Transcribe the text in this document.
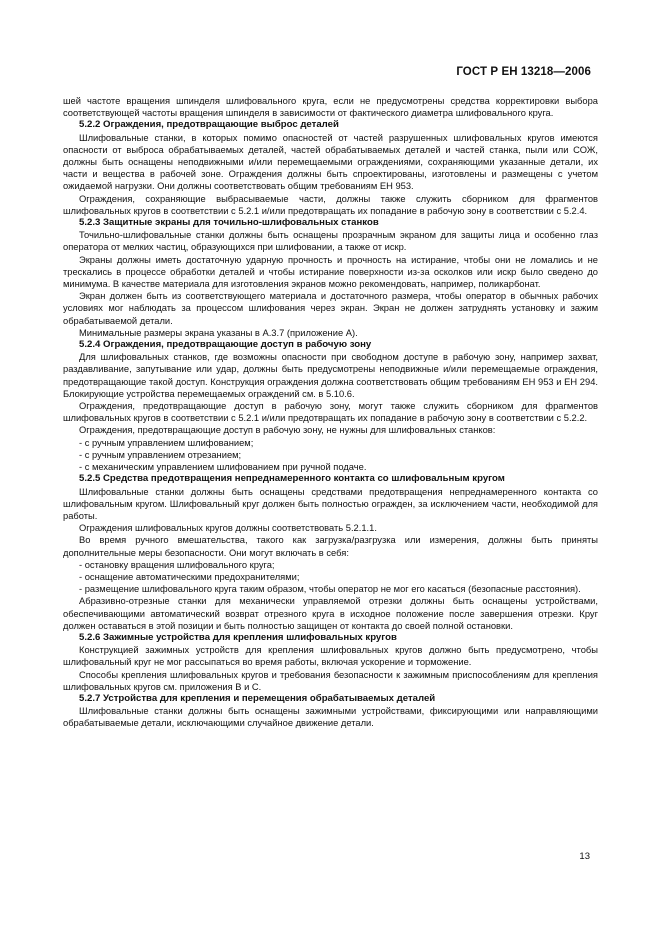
ГОСТ Р ЕН 13218—2006

шей частоте вращения шпинделя шлифовального круга, если не предусмотрены средства корректировки выбора соответствующей частоты вращения шпинделя в зависимости от фактического диаметра шлифовального круга.

5.2.2 Ограждения, предотвращающие выброс деталей

Шлифовальные станки, в которых помимо опасностей от частей разрушенных шлифовальных кругов имеются опасности от выброса обрабатываемых деталей, частей обрабатываемых деталей и частей станка, пыли или СОЖ, должны быть оснащены неподвижными и/или перемещаемыми ограждениями, сохраняющими указанные детали, их части и вещества в рабочей зоне. Ограждения должны быть спроектированы, изготовлены и размещены с учетом ожидаемой нагрузки. Они должны соответствовать общим требованиям ЕН 953.

Ограждения, сохраняющие выбрасываемые части, должны также служить сборником для фрагментов шлифовальных кругов в соответствии с 5.2.1 и/или предотвращать их попадание в рабочую зону в соответствии с 5.2.4.

5.2.3 Защитные экраны для точильно-шлифовальных станков

Точильно-шлифовальные станки должны быть оснащены прозрачным экраном для защиты лица и особенно глаз оператора от мелких частиц, образующихся при шлифовании, а также от искр.

Экраны должны иметь достаточную ударную прочность и прочность на истирание, чтобы они не ломались и не трескались в процессе обработки деталей и чтобы истирание поверхности из-за осколков или искр было сведено до минимума. В качестве материала для изготовления экранов можно рекомендовать, например, поликарбонат.

Экран должен быть из соответствующего материала и достаточного размера, чтобы оператор в обычных рабочих условиях мог наблюдать за процессом шлифования через экран. Экран не должен затруднять установку и зажим обрабатываемой детали.

Минимальные размеры экрана указаны в А.3.7 (приложение А).

5.2.4 Ограждения, предотвращающие доступ в рабочую зону

Для шлифовальных станков, где возможны опасности при свободном доступе в рабочую зону, например захват, раздавливание, запутывание или удар, должны быть предусмотрены неподвижные и/или перемещаемые ограждения, предотвращающие такой доступ. Конструкция ограждения должна соответствовать общим требованиям ЕН 953 и ЕН 294. Блокирующие устройства перемещаемых ограждений см. в 5.10.6.

Ограждения, предотвращающие доступ в рабочую зону, могут также служить сборником для фрагментов шлифовальных кругов в соответствии с 5.2.1 и/или предотвращать их попадание в рабочую зону в соответствии с 5.2.2.

Ограждения, предотвращающие доступ в рабочую зону, не нужны для шлифовальных станков:

- с ручным управлением шлифованием;

- с ручным управлением отрезанием;

- с механическим управлением шлифованием при ручной подаче.

5.2.5 Средства предотвращения непреднамеренного контакта со шлифовальным кругом

Шлифовальные станки должны быть оснащены средствами предотвращения непреднамеренного контакта со шлифовальным кругом. Шлифовальный круг должен быть полностью огражден, за исключением части, необходимой для работы.

Ограждения шлифовальных кругов должны соответствовать 5.2.1.1.

Во время ручного вмешательства, такого как загрузка/разгрузка или измерения, должны быть приняты дополнительные меры безопасности. Они могут включать в себя:

- остановку вращения шлифовального круга;

- оснащение автоматическими предохранителями;

- размещение шлифовального круга таким образом, чтобы оператор не мог его касаться (безопасные расстояния).

Абразивно-отрезные станки для механически управляемой отрезки должны быть оснащены устройствами, обеспечивающими автоматический возврат отрезного круга в исходное положение после завершения отрезки. Круг должен оставаться в этой позиции и быть полностью защищен от контакта до своей полной остановки.

5.2.6 Зажимные устройства для крепления шлифовальных кругов

Конструкцией зажимных устройств для крепления шлифовальных кругов должно быть предусмотрено, чтобы шлифовальный круг не мог рассыпаться во время работы, включая ускорение и торможение.

Способы крепления шлифовальных кругов и требования безопасности к зажимным приспособлениям для крепления шлифовальных кругов см. приложения В и С.

5.2.7 Устройства для крепления и перемещения обрабатываемых деталей

Шлифовальные станки должны быть оснащены зажимными устройствами, фиксирующими или направляющими обрабатываемые детали, исключающими случайное движение детали.

13
